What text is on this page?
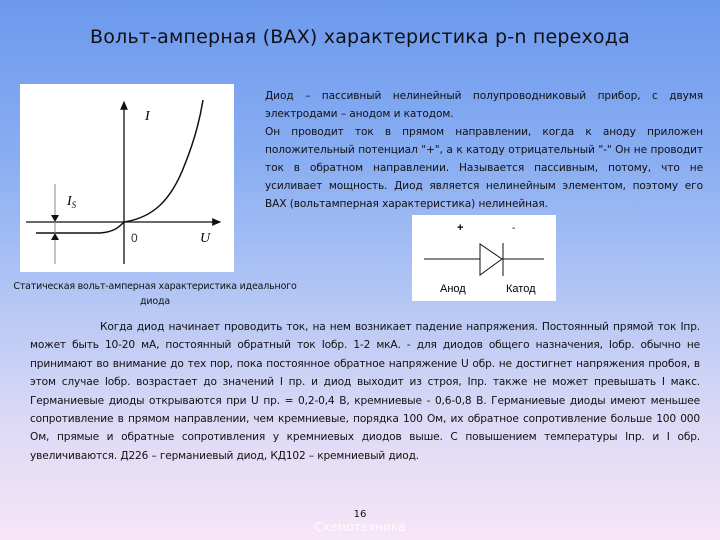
Вольт-амперная (ВАХ) характеристика p-n перехода
I
$I_S$
0	U
Статическая вольт-амперная характеристика идеального диода

Диод – пассивный нелинейный полупроводниковый прибор, с двумя электродами – анодом и катодом.

Он проводит ток в прямом направлении, когда к аноду приложен положительный потенциал "+", а к катоду отрицательный "-" Он не проводит ток в обратном направлении. Называется пассивным, потому, что не усиливает мощность. Диод является нелинейным элементом, поэтому его ВАХ (вольтамперная характеристика) нелинейная.

+	-
Анод	Катод
Когда диод начинает проводить ток, на нем возникает падение напряжения. Постоянный прямой ток Iпр. может быть 10-20 мА, постоянный обратный ток Iобр. 1-2 мкА. - для диодов общего назначения, Iобр. обычно не принимают во внимание до тех пор, пока постоянное обратное напряжение U обр. не достигнет напряжения пробоя, в этом случае Iобр. возрастает до значений I пр. и диод выходит из строя, Iпр. также не может превышать I макс. Германиевые диоды открываются при U пр. = 0,2-0,4 В, кремниевые - 0,6-0,8 В. Германиевые диоды имеют меньшее сопротивление в прямом направлении, чем кремниевые, порядка 100 Ом, их обратное сопротивление больше 100 000 Ом, прямые и обратные сопротивления у кремниевых диодов выше. С повышением температуры Iпр. и I обр. увеличиваются. Д226 – германиевый диод, КД102 – кремниевый диод.
16
Схемотехника
